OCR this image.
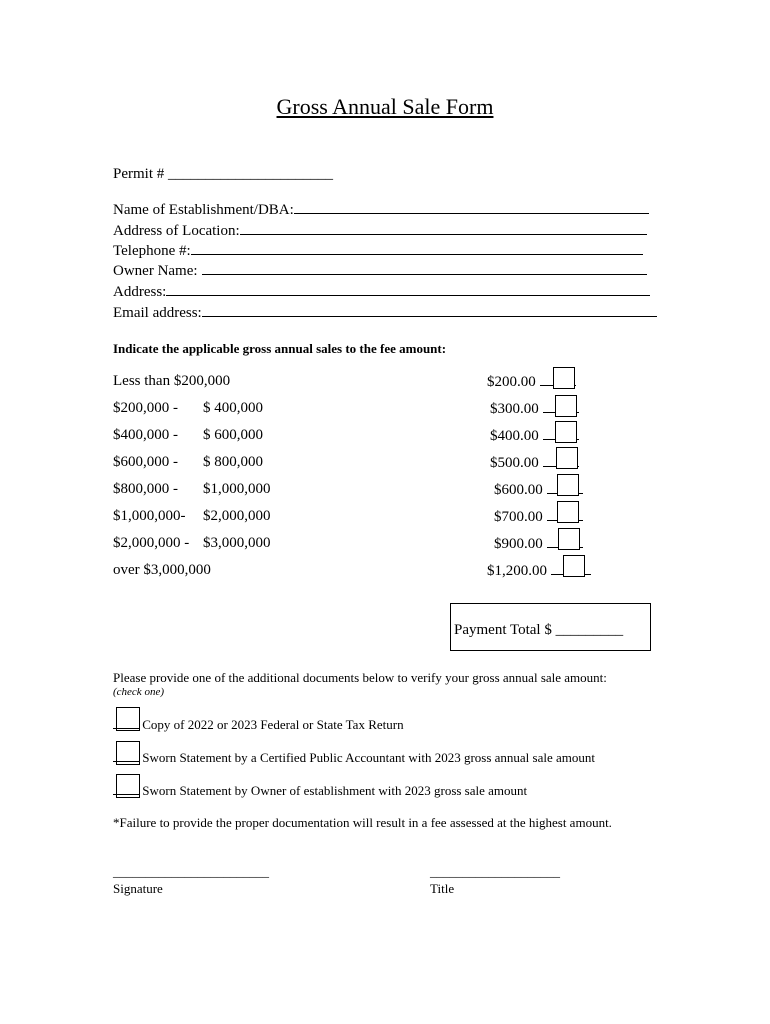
Gross Annual Sale Form
Permit # ______________________
Name of Establishment/DBA:
Address of Location:
Telephone #:
Owner Name:
Address:
Email address:
Indicate the applicable gross annual sales to the fee amount:
Less than $200,000	$200.00
$200,000 - $ 400,000	$300.00
$400,000 - $ 600,000	$400.00
$600,000 - $ 800,000	$500.00
$800,000 - $1,000,000	$600.00
$1,000,000- $2,000,000	$700.00
$2,000,000 - $3,000,000	$900.00
over $3,000,000	$1,200.00
Payment Total $ _________
Please provide one of the additional documents below to verify your gross annual sale amount:
(check one)
Copy of 2022 or 2023 Federal or State Tax Return
Sworn Statement by a Certified Public Accountant with 2023 gross annual sale amount
Sworn Statement by Owner of establishment with 2023 gross sale amount
*Failure to provide the proper documentation will result in a fee assessed at the highest amount.
________________________
Signature
____________________
Title
